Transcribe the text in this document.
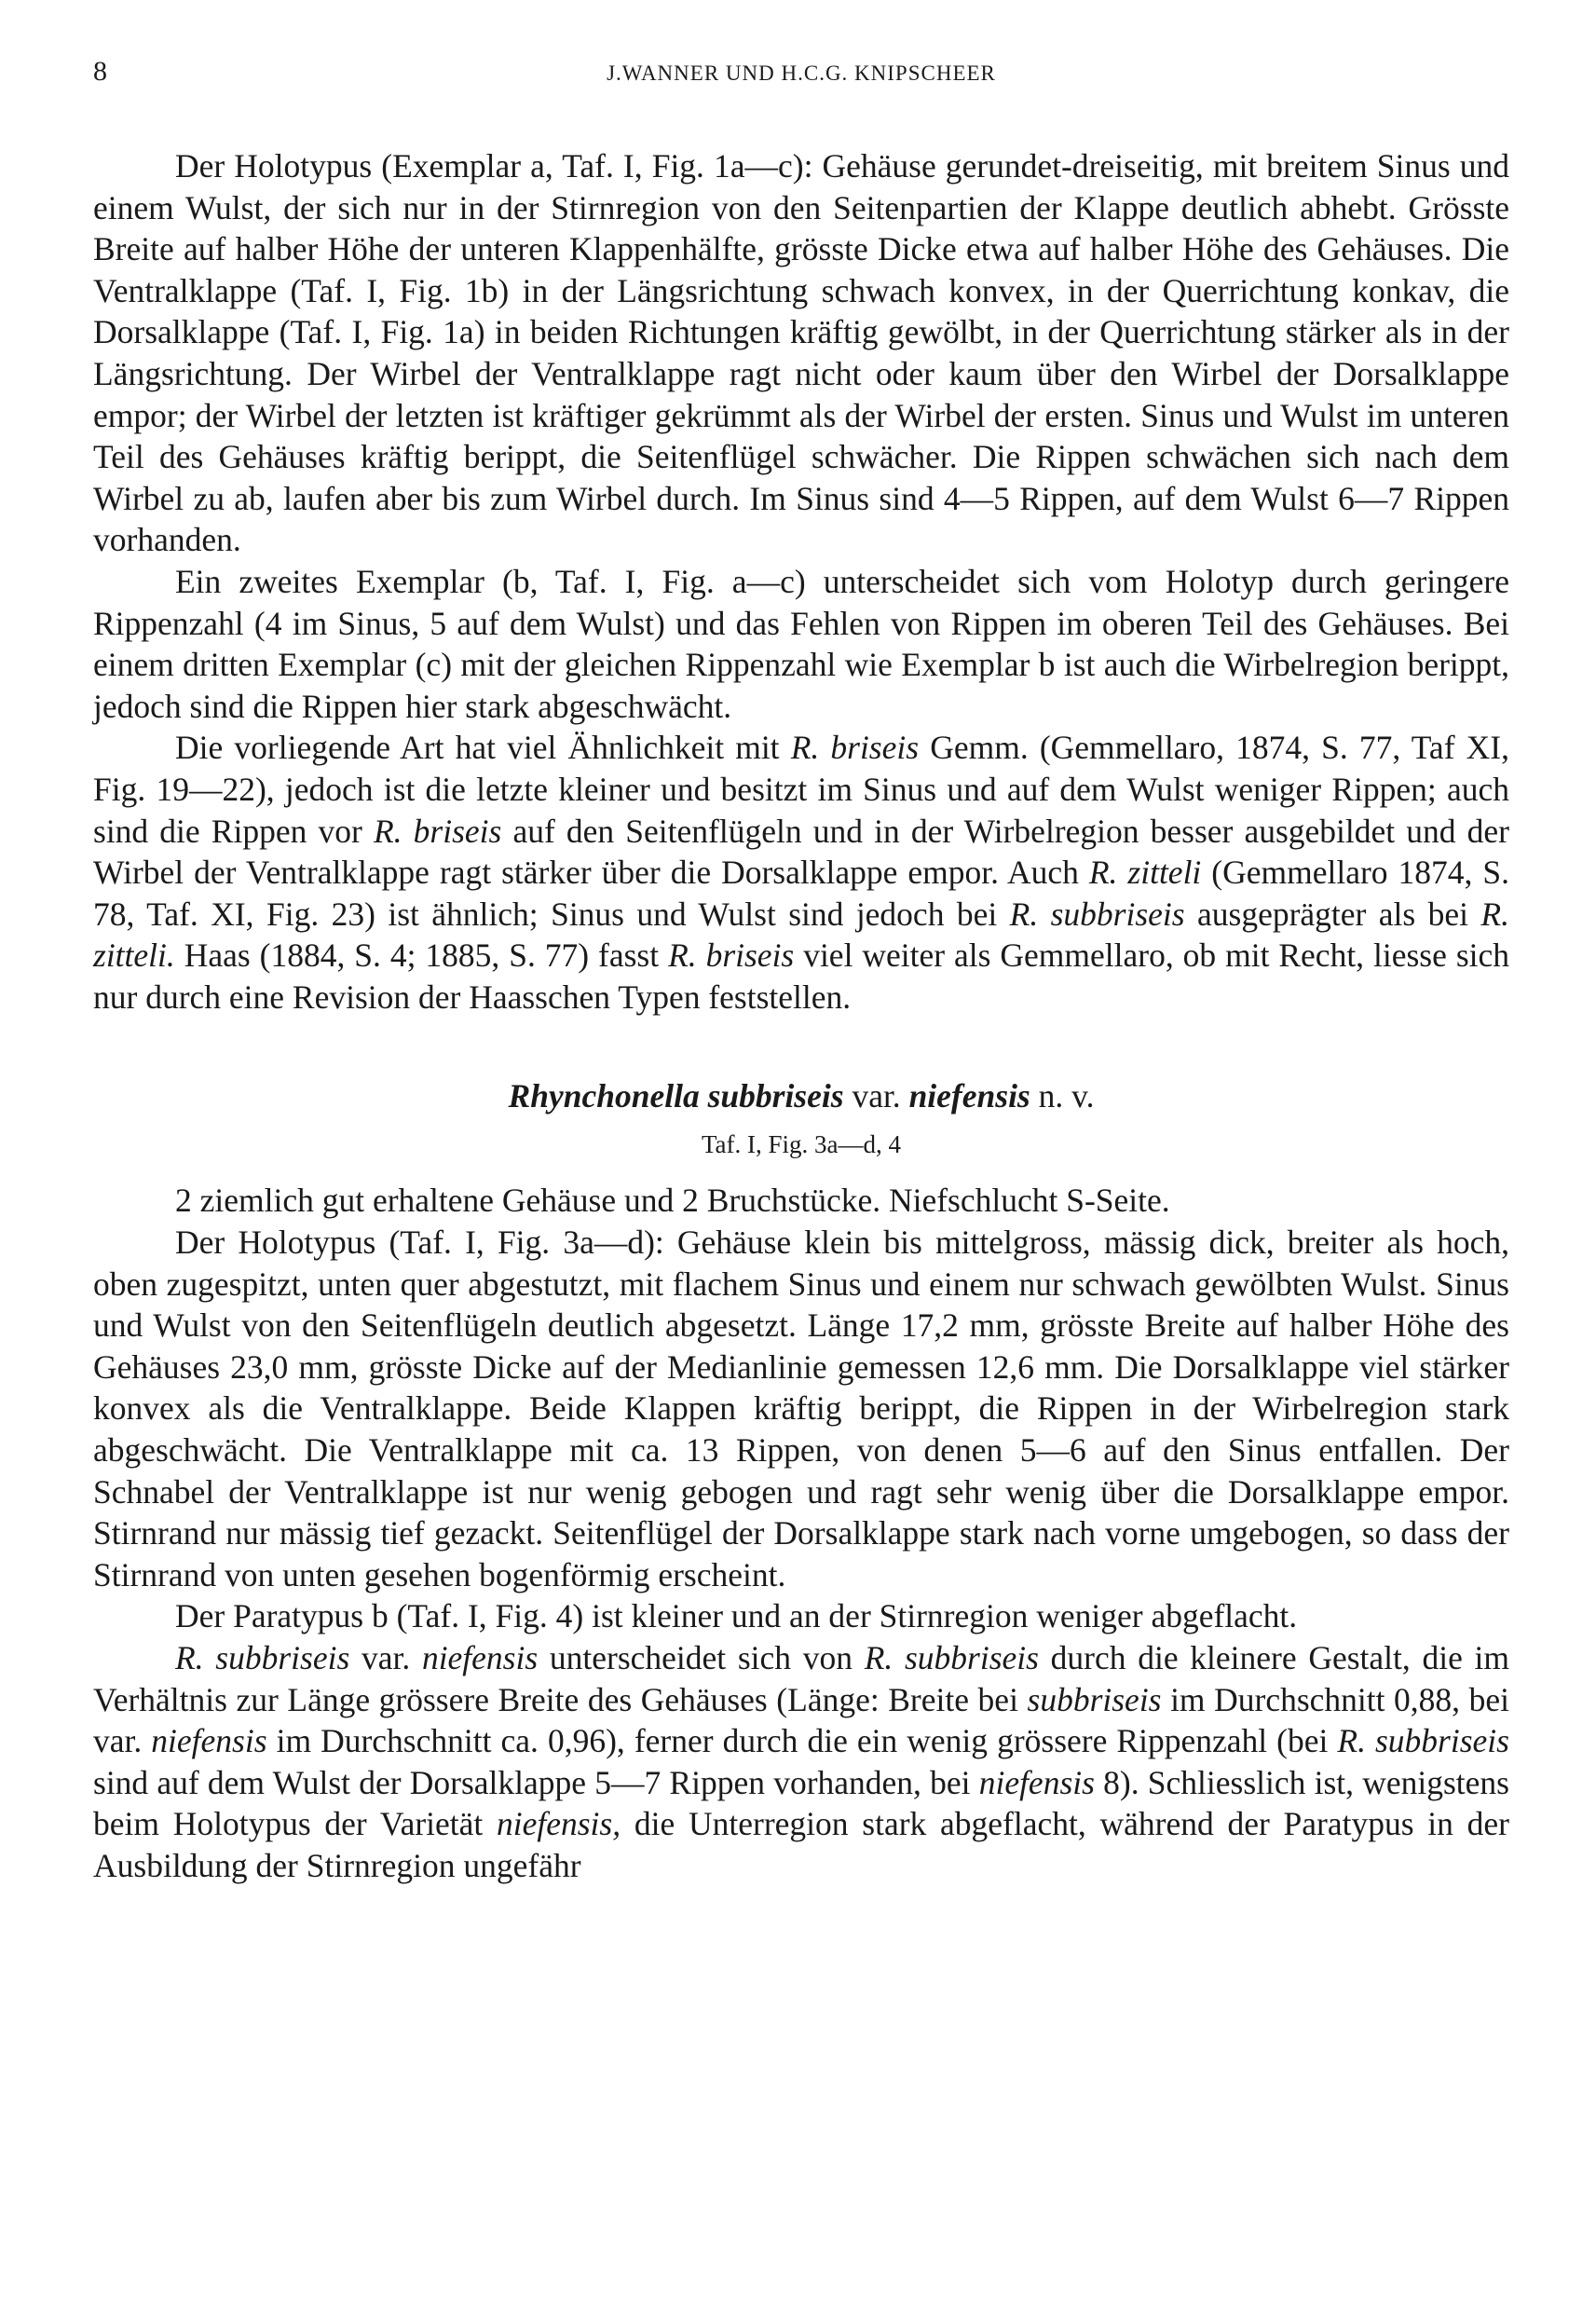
8	J.WANNER UND H.C.G. KNIPSCHEER

Der Holotypus (Exemplar a, Taf. I, Fig. 1a—c): Gehäuse gerundet-dreiseitig, mit breitem Sinus und einem Wulst, der sich nur in der Stirnregion von den Seitenpartien der Klappe deutlich abhebt. Grösste Breite auf halber Höhe der unteren Klappenhälfte, grösste Dicke etwa auf halber Höhe des Gehäuses. Die Ventralklappe (Taf. I, Fig. 1b) in der Längsrichtung schwach konvex, in der Querrichtung konkav, die Dorsalklappe (Taf. I, Fig. 1a) in beiden Richtungen kräftig gewölbt, in der Querrichtung stärker als in der Längsrichtung. Der Wirbel der Ventralklappe ragt nicht oder kaum über den Wirbel der Dorsalklappe empor; der Wirbel der letzten ist kräftiger gekrümmt als der Wirbel der ersten. Sinus und Wulst im unteren Teil des Gehäuses kräftig berippt, die Seitenflügel schwächer. Die Rippen schwächen sich nach dem Wirbel zu ab, laufen aber bis zum Wirbel durch. Im Sinus sind 4—5 Rippen, auf dem Wulst 6—7 Rippen vorhanden.

Ein zweites Exemplar (b, Taf. I, Fig. a—c) unterscheidet sich vom Holotyp durch geringere Rippenzahl (4 im Sinus, 5 auf dem Wulst) und das Fehlen von Rippen im oberen Teil des Gehäuses. Bei einem dritten Exemplar (c) mit der gleichen Rippenzahl wie Exemplar b ist auch die Wirbelregion berippt, jedoch sind die Rippen hier stark abgeschwächt.

Die vorliegende Art hat viel Ähnlichkeit mit R. briseis Gemm. (Gemmellaro, 1874, S. 77, Taf XI, Fig. 19—22), jedoch ist die letzte kleiner und besitzt im Sinus und auf dem Wulst weniger Rippen; auch sind die Rippen vor R. briseis auf den Seitenflügeln und in der Wirbelregion besser ausgebildet und der Wirbel der Ventralklappe ragt stärker über die Dorsalklappe empor. Auch R. zitteli (Gemmellaro 1874, S. 78, Taf. XI, Fig. 23) ist ähnlich; Sinus und Wulst sind jedoch bei R. subbriseis ausgeprägter als bei R. zitteli. Haas (1884, S. 4; 1885, S. 77) fasst R. briseis viel weiter als Gemmellaro, ob mit Recht, liesse sich nur durch eine Revision der Haasschen Typen feststellen.

Rhynchonella subbriseis var. niefensis n. v.
Taf. I, Fig. 3a—d, 4

2 ziemlich gut erhaltene Gehäuse und 2 Bruchstücke. Niefschlucht S-Seite.

Der Holotypus (Taf. I, Fig. 3a—d): Gehäuse klein bis mittelgross, mässig dick, breiter als hoch, oben zugespitzt, unten quer abgestutzt, mit flachem Sinus und einem nur schwach gewölbten Wulst. Sinus und Wulst von den Seitenflügeln deutlich abgesetzt. Länge 17,2 mm, grösste Breite auf halber Höhe des Gehäuses 23,0 mm, grösste Dicke auf der Medianlinie gemessen 12,6 mm. Die Dorsalklappe viel stärker konvex als die Ventralklappe. Beide Klappen kräftig berippt, die Rippen in der Wirbelregion stark abgeschwächt. Die Ventralklappe mit ca. 13 Rippen, von denen 5—6 auf den Sinus entfallen. Der Schnabel der Ventralklappe ist nur wenig gebogen und ragt sehr wenig über die Dorsalklappe empor. Stirnrand nur mässig tief gezackt. Seitenflügel der Dorsalklappe stark nach vorne umgebogen, so dass der Stirnrand von unten gesehen bogenförmig erscheint.

Der Paratypus b (Taf. I, Fig. 4) ist kleiner und an der Stirnregion weniger abgeflacht.

R. subbriseis var. niefensis unterscheidet sich von R. subbriseis durch die kleinere Gestalt, die im Verhältnis zur Länge grössere Breite des Gehäuses (Länge: Breite bei subbriseis im Durchschnitt 0,88, bei var. niefensis im Durchschnitt ca. 0,96), ferner durch die ein wenig grössere Rippenzahl (bei R. subbriseis sind auf dem Wulst der Dorsalklappe 5—7 Rippen vorhanden, bei niefensis 8). Schliesslich ist, wenigstens beim Holotypus der Varietät niefensis, die Unterregion stark abgeflacht, während der Paratypus in der Ausbildung der Stirnregion ungefähr
